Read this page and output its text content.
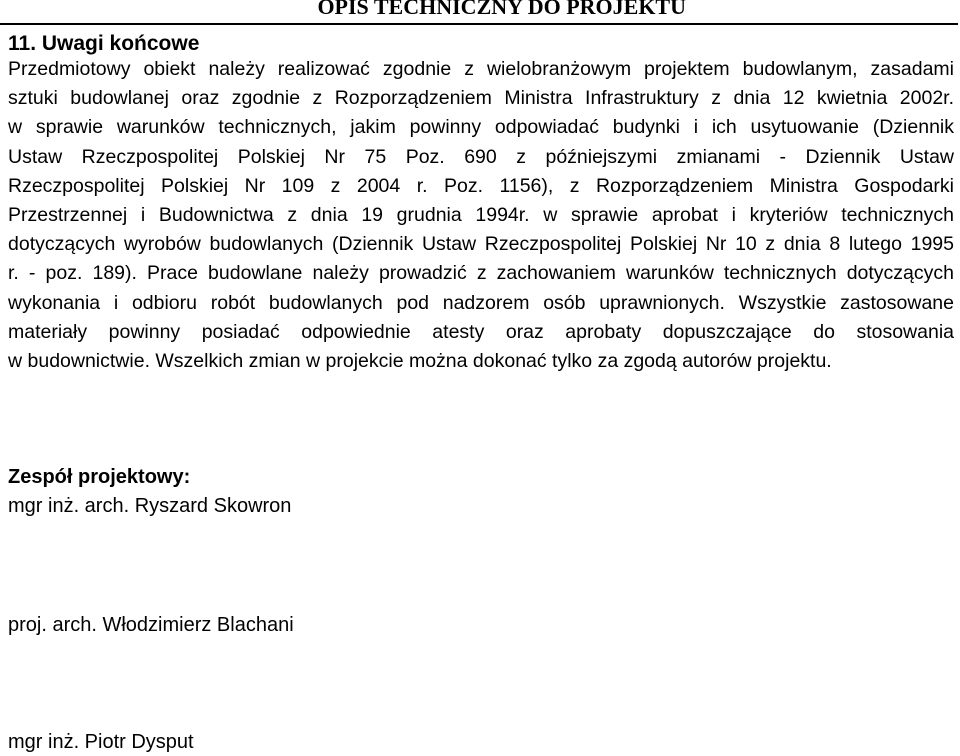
OPIS TECHNICZNY DO PROJEKTU
11. Uwagi końcowe
Przedmiotowy obiekt należy realizować zgodnie z wielobranżowym projektem budowlanym, zasadami
sztuki budowlanej oraz zgodnie z Rozporządzeniem Ministra Infrastruktury z dnia 12 kwietnia 2002r.
w sprawie warunków technicznych, jakim powinny odpowiadać budynki i ich usytuowanie (Dziennik
Ustaw Rzeczpospolitej Polskiej Nr 75 Poz. 690 z późniejszymi zmianami - Dziennik Ustaw
Rzeczpospolitej Polskiej Nr 109 z 2004 r. Poz. 1156), z Rozporządzeniem Ministra Gospodarki
Przestrzennej i Budownictwa z dnia 19 grudnia 1994r. w sprawie aprobat i kryteriów technicznych
dotyczących wyrobów budowlanych (Dziennik Ustaw Rzeczpospolitej Polskiej Nr 10 z dnia 8 lutego 1995
r. - poz. 189). Prace budowlane należy prowadzić z zachowaniem warunków technicznych dotyczących
wykonania i odbioru robót budowlanych pod nadzorem osób uprawnionych. Wszystkie zastosowane
materiały powinny posiadać odpowiednie atesty oraz aprobaty dopuszczające do stosowania
w budownictwie. Wszelkich zmian w projekcie można dokonać tylko za zgodą autorów projektu.
Zespół projektowy:
mgr inż. arch. Ryszard Skowron
proj. arch. Włodzimierz Blachani
mgr inż. Piotr Dysput
